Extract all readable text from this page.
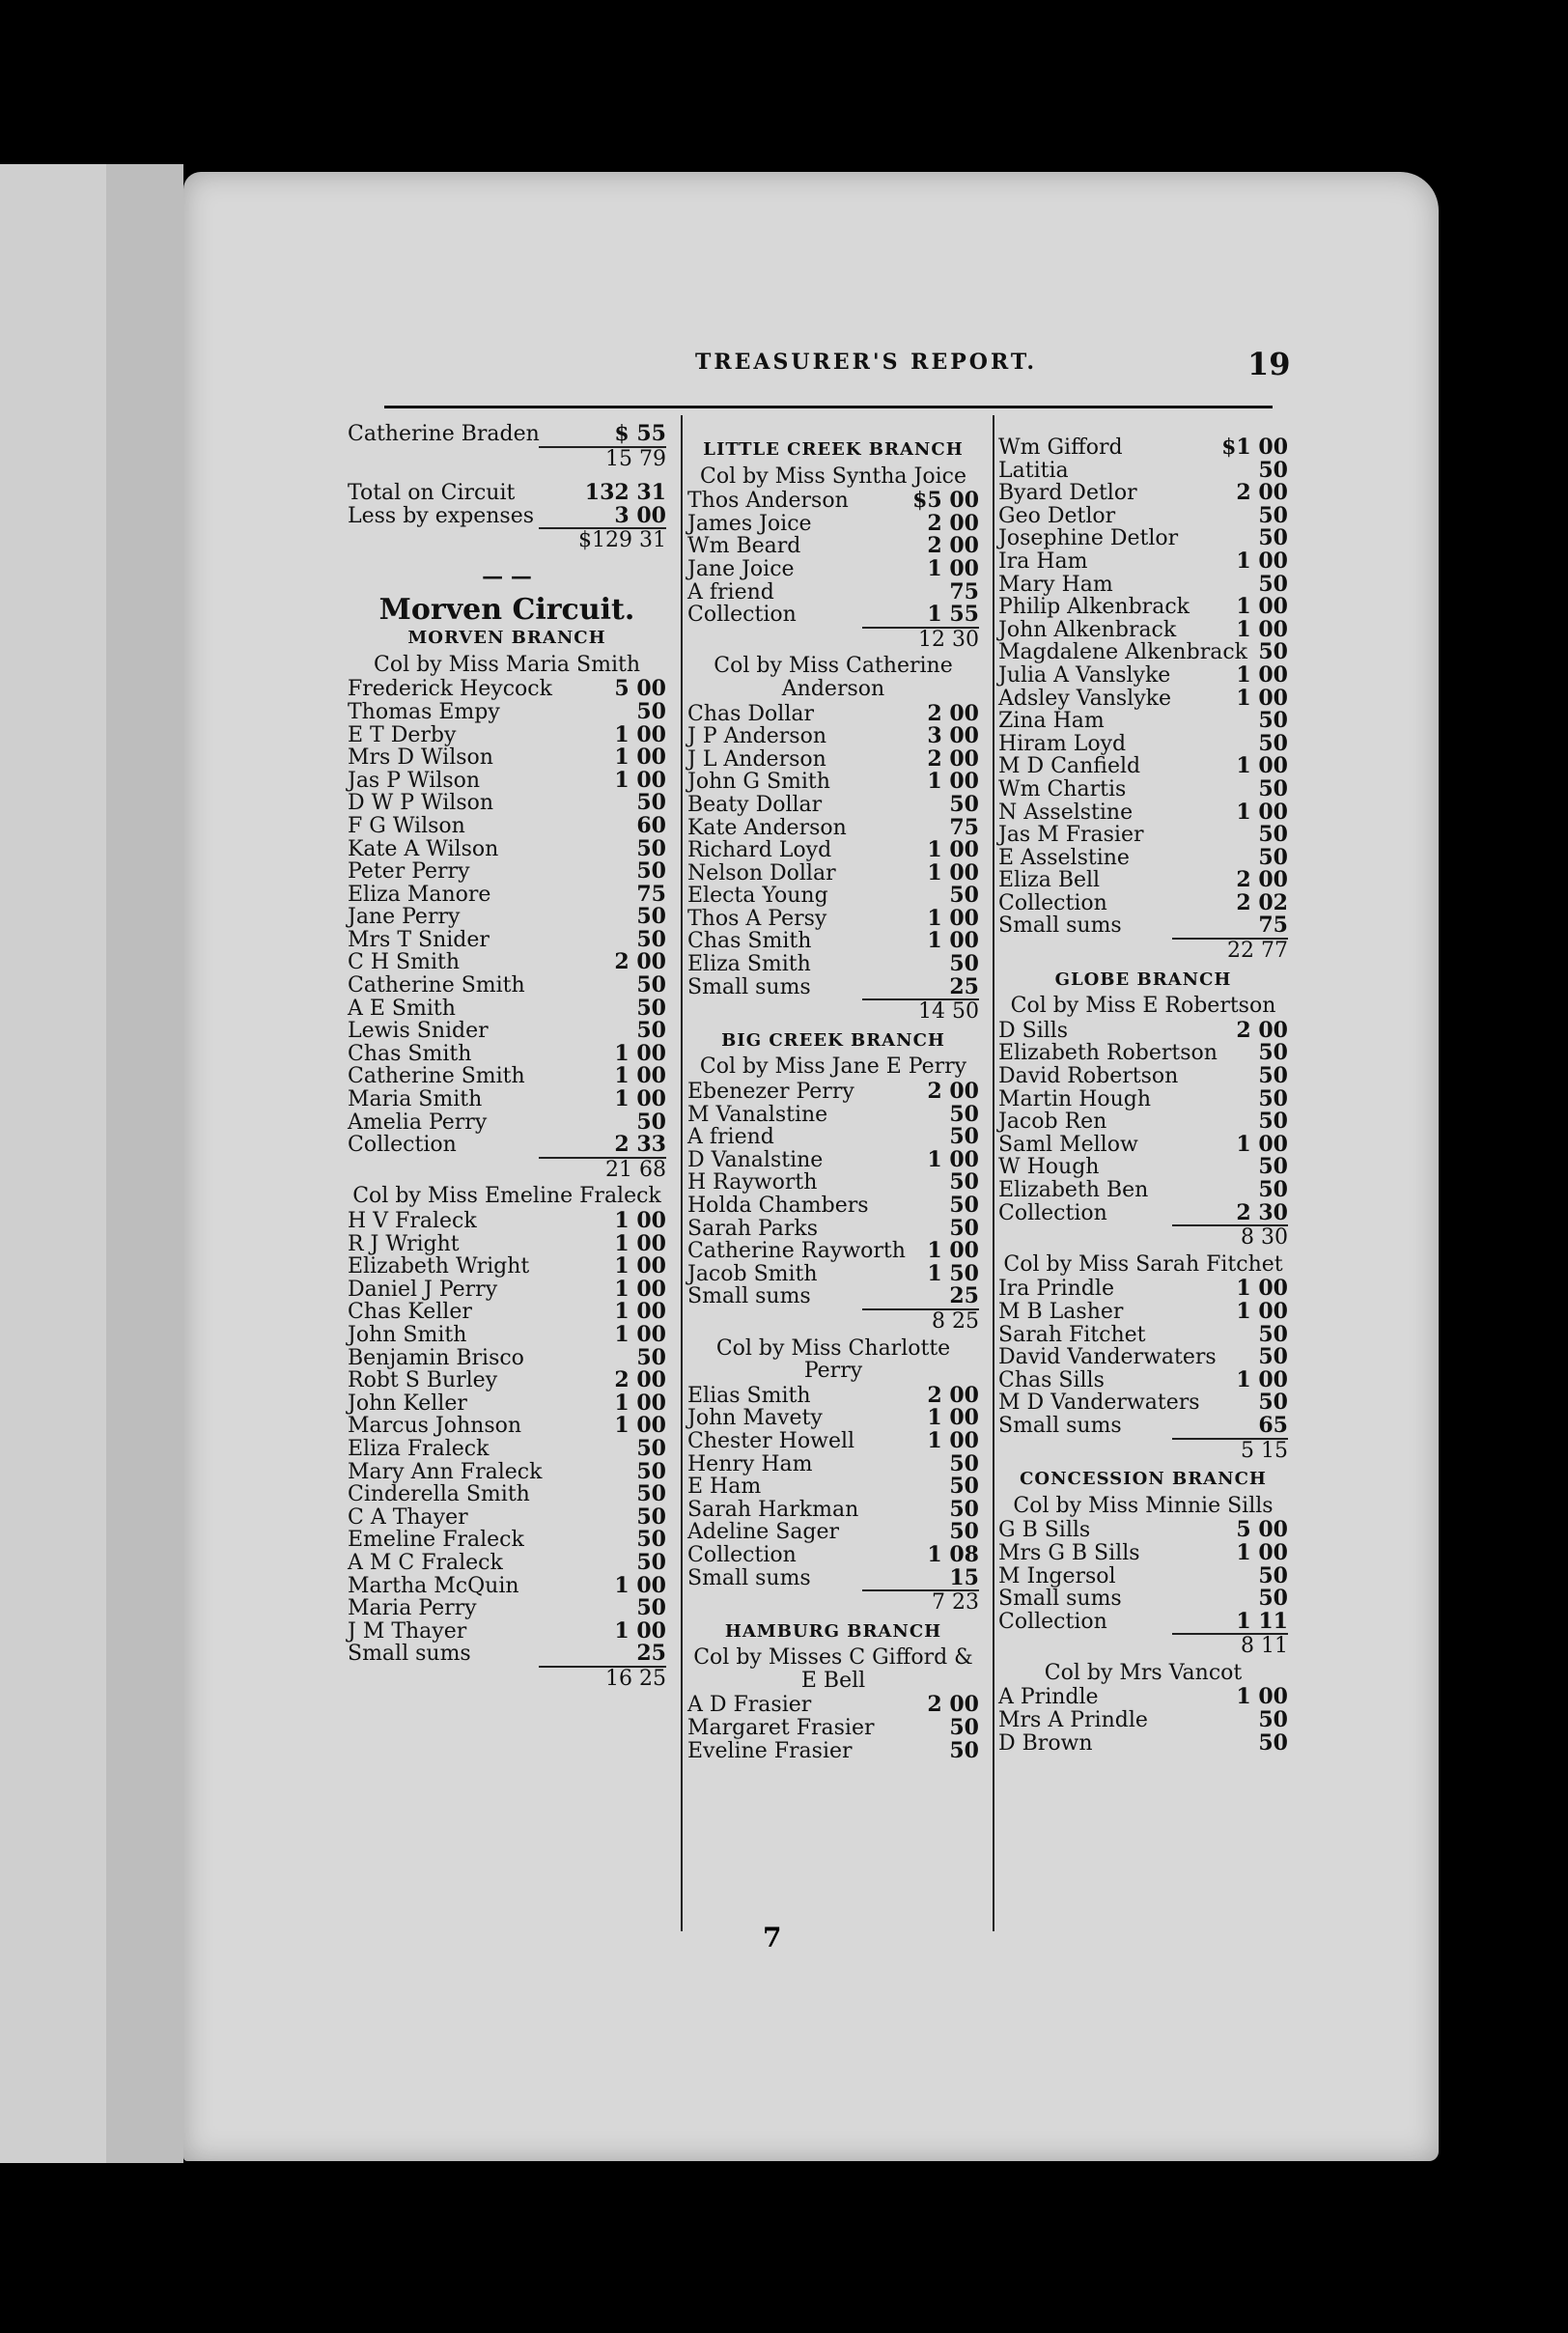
TREASURER'S REPORT.	19
Catherine Braden	$ 55
15 79
Total on Circuit	132 31
Less by expenses	3 00
$129 31
— —
Morven Circuit.
MORVEN BRANCH
Col by Miss Maria Smith
Frederick Heycock	5 00
Thomas Empy	50
E T Derby	1 00
Mrs D Wilson	1 00
Jas P Wilson	1 00
D W P Wilson	50
F G Wilson	60
Kate A Wilson	50
Peter Perry	50
Eliza Manore	75
Jane Perry	50
Mrs T Snider	50
C H Smith	2 00
Catherine Smith	50
A E Smith	50
Lewis Snider	50
Chas Smith	1 00
Catherine Smith	1 00
Maria Smith	1 00
Amelia Perry	50
Collection	2 33
21 68
Col by Miss Emeline Fraleck
H V Fraleck	1 00
R J Wright	1 00
Elizabeth Wright	1 00
Daniel J Perry	1 00
Chas Keller	1 00
John Smith	1 00
Benjamin Brisco	50
Robt S Burley	2 00
John Keller	1 00
Marcus Johnson	1 00
Eliza Fraleck	50
Mary Ann Fraleck	50
Cinderella Smith	50
C A Thayer	50
Emeline Fraleck	50
A M C Fraleck	50
Martha McQuin	1 00
Maria Perry	50
J M Thayer	1 00
Small sums	25
16 25
LITTLE CREEK BRANCH
Col by Miss Syntha Joice
Thos Anderson	$5 00
James Joice	2 00
Wm Beard	2 00
Jane Joice	1 00
A friend	75
Collection	1 55
12 30
Col by Miss Catherine Anderson
Chas Dollar	2 00
J P Anderson	3 00
J L Anderson	2 00
John G Smith	1 00
Beaty Dollar	50
Kate Anderson	75
Richard Loyd	1 00
Nelson Dollar	1 00
Electa Young	50
Thos A Persy	1 00
Chas Smith	1 00
Eliza Smith	50
Small sums	25
14 50
BIG CREEK BRANCH
Col by Miss Jane E Perry
Ebenezer Perry	2 00
M Vanalstine	50
A friend	50
D Vanalstine	1 00
H Rayworth	50
Holda Chambers	50
Sarah Parks	50
Catherine Rayworth 1 00
Jacob Smith	1 50
Small sums	25
8 25
Col by Miss Charlotte Perry
Elias Smith	2 00
John Mavety	1 00
Chester Howell	1 00
Henry Ham	50
E Ham	50
Sarah Harkman	50
Adeline Sager	50
Collection	1 08
Small sums	15
7 23
HAMBURG BRANCH
Col by Misses C Gifford & E Bell
A D Frasier	2 00
Margaret Frasier	50
Eveline Frasier	50
Wm Gifford	$1 00
Latitia	50
Byard Detlor	2 00
Geo Detlor	50
Josephine Detlor	50
Ira Ham	1 00
Mary Ham	50
Philip Alkenbrack 1 00
John Alkenbrack	1 00
Magdalene Alkenbrack 50
Julia A Vanslyke	1 00
Adsley Vanslyke	1 00
Zina Ham	50
Hiram Loyd	50
M D Canfield	1 00
Wm Chartis	50
N Asselstine	1 00
Jas M Frasier	50
E Asselstine	50
Eliza Bell	2 00
Collection	2 02
Small sums	75
22 77
GLOBE BRANCH
Col by Miss E Robertson
D Sills	2 00
Elizabeth Robertson 50
David Robertson	50
Martin Hough	50
Jacob Ren	50
Saml Mellow	1 00
W Hough	50
Elizabeth Ben	50
Collection	2 30
8 30
Col by Miss Sarah Fitchet
Ira Prindle	1 00
M B Lasher	1 00
Sarah Fitchet	50
David Vanderwaters 50
Chas Sills	1 00
M D Vanderwaters	50
Small sums	65
5 15
CONCESSION BRANCH
Col by Miss Minnie Sills
G B Sills	5 00
Mrs G B Sills	1 00
M Ingersol	50
Small sums	50
Collection	1 11
8 11
Col by Mrs Vancot
A Prindle	1 00
Mrs A Prindle	50
D Brown	50
7
